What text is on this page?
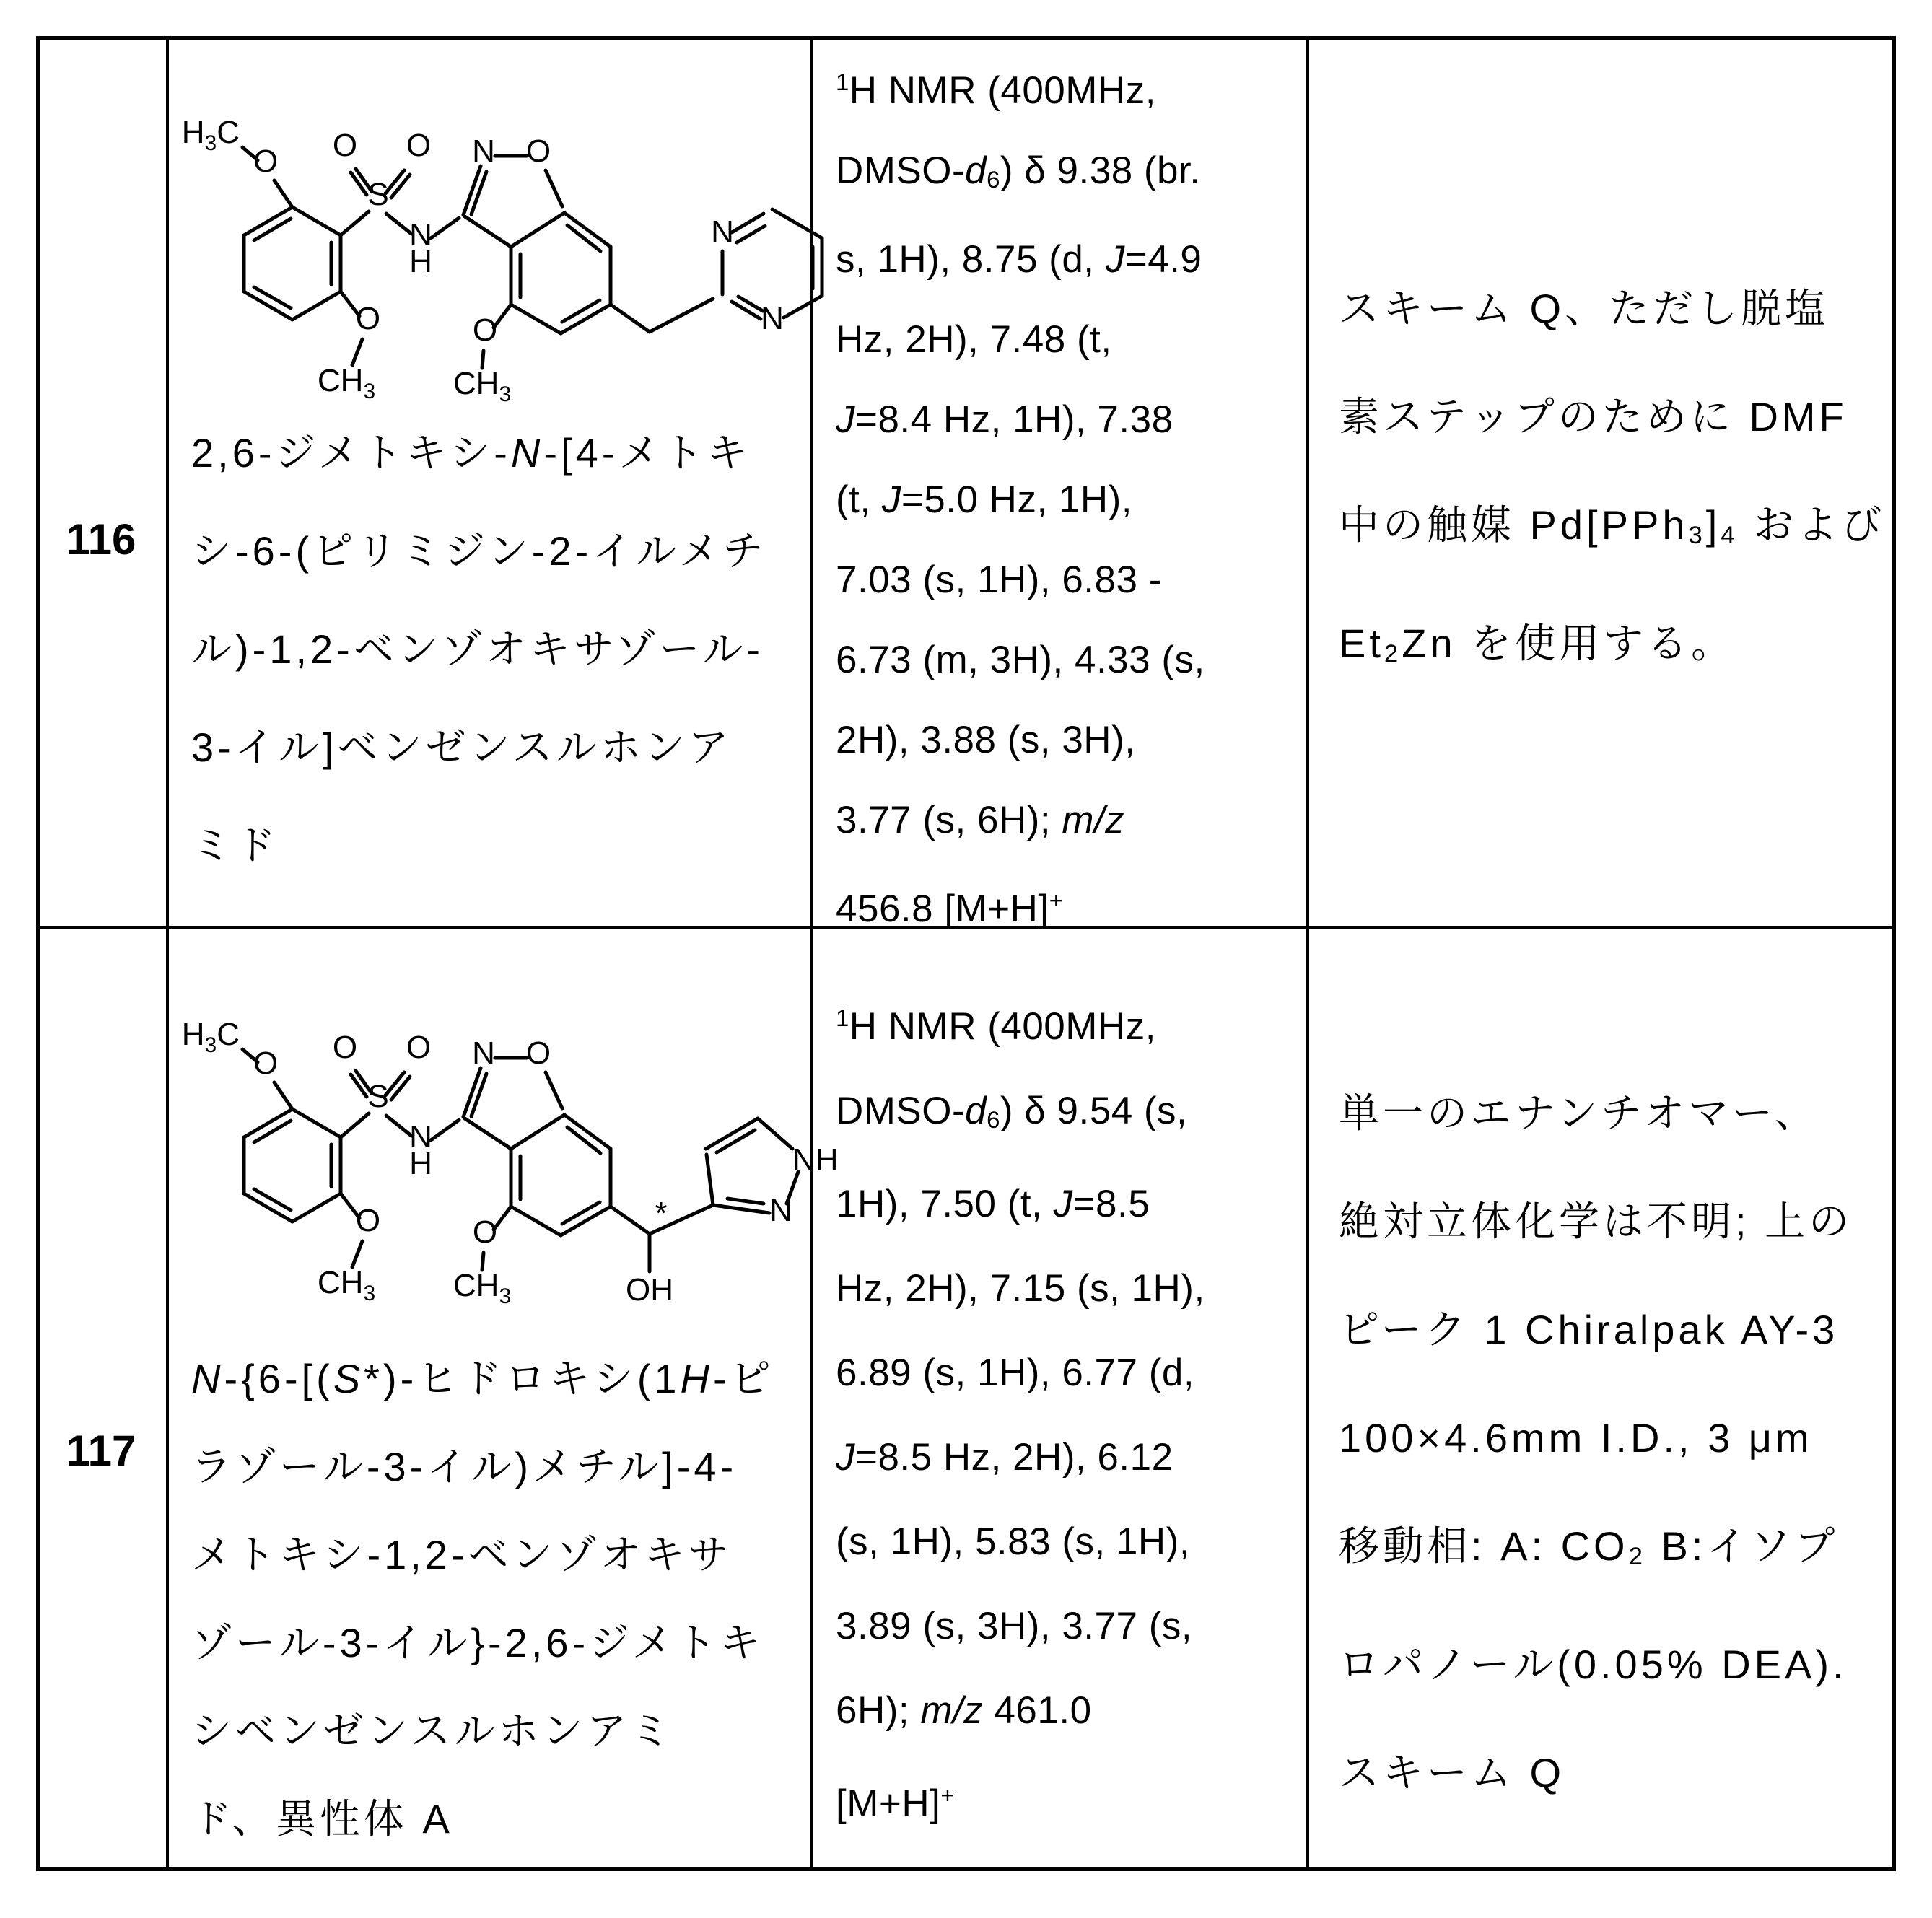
116
$H_3C$
O O O
S
N
H
N O
O
$CH_3$
O
$CH_3$
N
N
2,6-ジメトキシ-N-[4-メトキ
シ-6-(ピリミジン-2-イルメチ
ル)-1,2-ベンゾオキサゾール-
3-イル]ベンゼンスルホンア
ミド
$^1$H NMR (400MHz,
DMSO-d6) δ 9.38 (br.
s, 1H), 8.75 (d, J=4.9
Hz, 2H), 7.48 (t,
J=8.4 Hz, 1H), 7.38
(t, J=5.0 Hz, 1H),
7.03 (s, 1H), 6.83 -
6.73 (m, 3H), 4.33 (s,
2H), 3.88 (s, 3H),
3.77 (s, 6H); m/z
456.8 [M+H]+
スキーム Q、ただし脱塩
素ステップのために DMF
中の触媒 Pd[PPh3]4 および
Et2Zn を使用する。
117
$H_3C$
O O O
S
N
H
N O
O
$CH_3$
O
$CH_3$
*
OH
NH
N
N-{6-[(S*)-ヒドロキシ(1H-ピ
ラゾール-3-イル)メチル]-4-
メトキシ-1,2-ベンゾオキサ
ゾール-3-イル}-2,6-ジメトキ
シベンゼンスルホンアミ
ド、異性体 A
$^1$H NMR (400MHz,
DMSO-d6) δ 9.54 (s,
1H), 7.50 (t, J=8.5
Hz, 2H), 7.15 (s, 1H),
6.89 (s, 1H), 6.77 (d,
J=8.5 Hz, 2H), 6.12
(s, 1H), 5.83 (s, 1H),
3.89 (s, 3H), 3.77 (s,
6H); m/z 461.0
[M+H]+
単一のエナンチオマー、
絶対立体化学は不明; 上の
ピーク 1 Chiralpak AY-3
100×4.6mm I.D., 3 μm
移動相: A: CO2 B:イソプ
ロパノール(0.05% DEA).
スキーム Q
